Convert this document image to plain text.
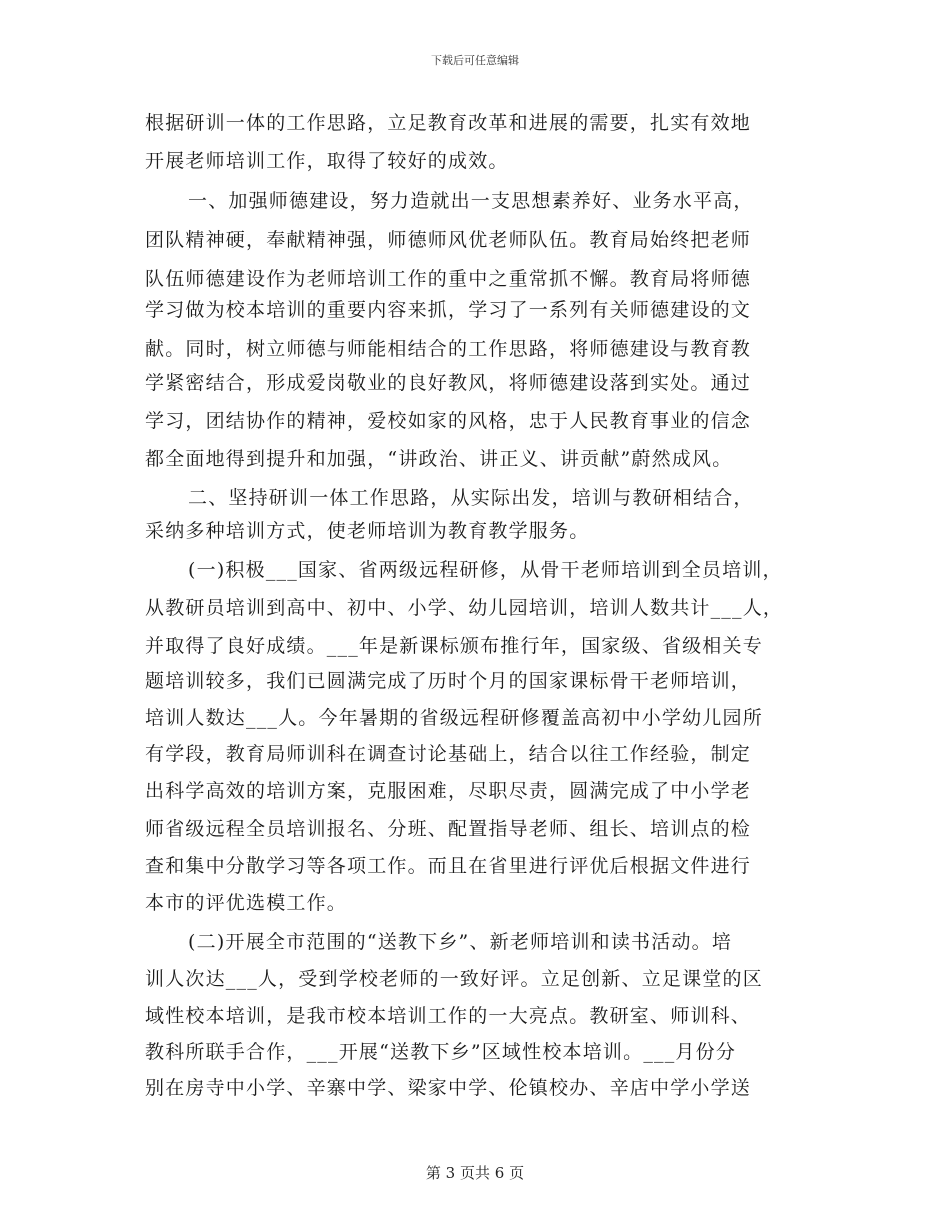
下载后可任意编辑
根据研训一体的工作思路，立足教育改革和进展的需要，扎实有效地
开展老师培训工作，取得了较好的成效。
一、加强师德建设，努力造就出一支思想素养好、业务水平高，
团队精神硬，奉献精神强，师德师风优老师队伍。教育局始终把老师
队伍师德建设作为老师培训工作的重中之重常抓不懈。教育局将师德
学习做为校本培训的重要内容来抓，学习了一系列有关师德建设的文
献。同时，树立师德与师能相结合的工作思路，将师德建设与教育教
学紧密结合，形成爱岗敬业的良好教风，将师德建设落到实处。通过
学习，团结协作的精神，爱校如家的风格，忠于人民教育事业的信念
都全面地得到提升和加强，“讲政治、讲正义、讲贡献”蔚然成风。
二、坚持研训一体工作思路，从实际出发，培训与教研相结合，
采纳多种培训方式，使老师培训为教育教学服务。
(一)积极___国家、省两级远程研修，从骨干老师培训到全员培训，
从教研员培训到高中、初中、小学、幼儿园培训，培训人数共计___人，
并取得了良好成绩。___年是新课标颁布推行年，国家级、省级相关专
题培训较多，我们已圆满完成了历时个月的国家课标骨干老师培训，
培训人数达___人。今年暑期的省级远程研修覆盖高初中小学幼儿园所
有学段，教育局师训科在调查讨论基础上，结合以往工作经验，制定
出科学高效的培训方案，克服困难，尽职尽责，圆满完成了中小学老
师省级远程全员培训报名、分班、配置指导老师、组长、培训点的检
查和集中分散学习等各项工作。而且在省里进行评优后根据文件进行
本市的评优选模工作。
(二)开展全市范围的“送教下乡”、新老师培训和读书活动。培
训人次达___人，受到学校老师的一致好评。立足创新、立足课堂的区
域性校本培训，是我市校本培训工作的一大亮点。教研室、师训科、
教科所联手合作，___开展“送教下乡”区域性校本培训。___月份分
别在房寺中小学、辛寨中学、梁家中学、伦镇校办、辛店中学小学送
第 3 页共 6 页
